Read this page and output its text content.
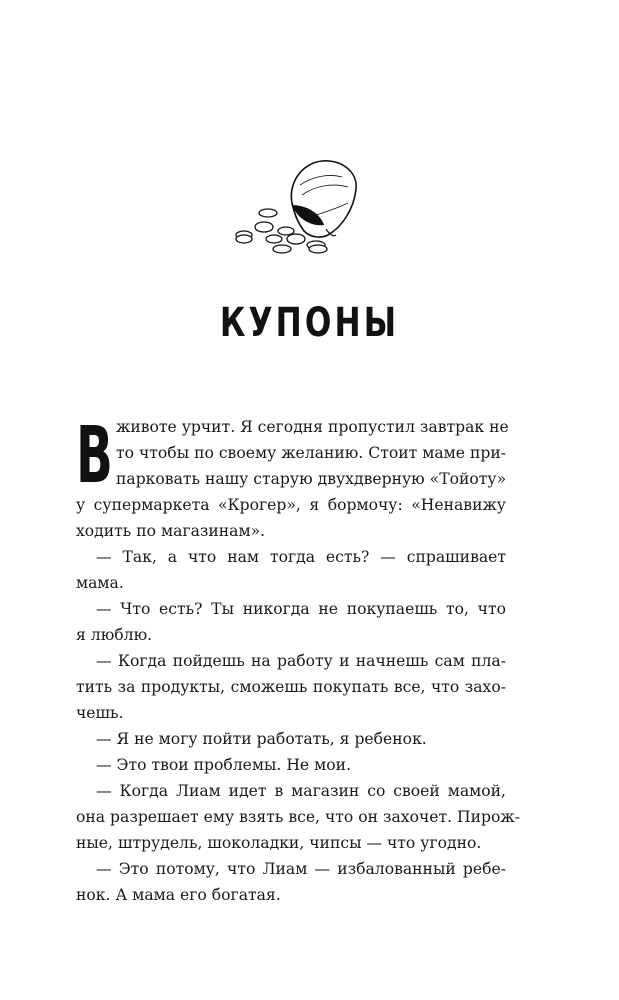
КУПОНЫ
В животе урчит. Я сегодня пропустил завтрак не
то чтобы по своему желанию. Стоит маме при-
парковать нашу старую двухдверную «Тойоту»
у супермаркета «Крогер», я бормочу: «Ненавижу
ходить по магазинам».
— Так, а что нам тогда есть? — спрашивает
мама.
— Что есть? Ты никогда не покупаешь то, что
я люблю.
— Когда пойдешь на работу и начнешь сам пла-
тить за продукты, сможешь покупать все, что захо-
чешь.
— Я не могу пойти работать, я ребенок.
— Это твои проблемы. Не мои.
— Когда Лиам идет в магазин со своей мамой,
она разрешает ему взять все, что он захочет. Пирож-
ные, штрудель, шоколадки, чипсы — что угодно.
— Это потому, что Лиам — избалованный ребе-
нок. А мама его богатая.
